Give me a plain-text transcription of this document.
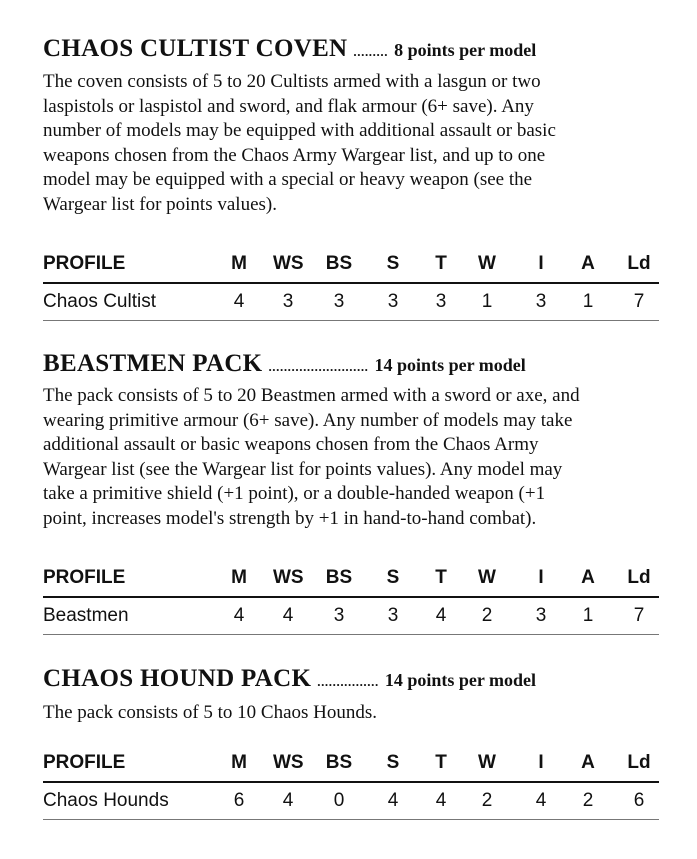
CHAOS CULTIST COVEN ......... 8 points per model
The coven consists of 5 to 20 Cultists armed with a lasgun or two
laspistols or laspistol and sword, and flak armour (6+ save). Any
number of models may be equipped with additional assault or basic
weapons chosen from the Chaos Army Wargear list, and up to one
model may be equipped with a special or heavy weapon (see the
Wargear list for points values).
PROFILE	M	WS BS	S	T	W	I	A	Ld
Chaos Cultist	4	3	3	3	3	1	3	1	7
BEASTMEN PACK .......................... 14 points per model
The pack consists of 5 to 20 Beastmen armed with a sword or axe, and
wearing primitive armour (6+ save). Any number of models may take
additional assault or basic weapons chosen from the Chaos Army
Wargear list (see the Wargear list for points values). Any model may
take a primitive shield (+1 point), or a double-handed weapon (+1
point, increases model's strength by +1 in hand-to-hand combat).
PROFILE	M	WS BS	S	T	W	I	A	Ld
Beastmen	4	4	3	3	4	2	3	1	7
CHAOS HOUND PACK ................ 14 points per model
The pack consists of 5 to 10 Chaos Hounds.
PROFILE	M	WS BS	S	T	W	I	A	Ld
Chaos Hounds	6	4	0	4	4	2	4	2	6
